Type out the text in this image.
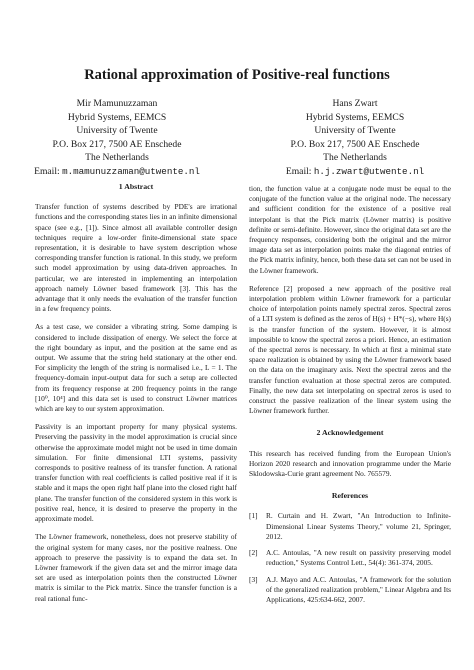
Rational approximation of Positive-real functions
Mir Mamunuzzaman
Hybrid Systems, EEMCS
University of Twente
P.O. Box 217, 7500 AE Enschede
The Netherlands
Email: m.mamunuzzaman@utwente.nl
Hans Zwart
Hybrid Systems, EEMCS
University of Twente
P.O. Box 217, 7500 AE Enschede
The Netherlands
Email: h.j.zwart@utwente.nl
1 Abstract

Transfer function of systems described by PDE's are irrational functions and the corresponding states lies in an infinite dimensional space (see e.g., [1]). Since almost all available controller design techniques require a low-order finite-dimensional state space representation, it is desirable to have system description whose corresponding transfer function is rational. In this study, we preform such model approximation by using data-driven approaches. In particular, we are interested in implementing an interpolation approach namely Löwner based framework [3]. This has the advantage that it only needs the evaluation of the transfer function in a few frequency points.

As a test case, we consider a vibrating string. Some damping is considered to include dissipation of energy. We select the force at the right boundary as input, and the position at the same end as output. We assume that the string held stationary at the other end. For simplicity the length of the string is normalised i.e., L = 1. The frequency-domain input-output data for such a setup are collected from its frequency response at 200 frequency points in the range [10⁰, 10⁴] and this data set is used to construct Löwner matrices which are key to our system approximation.

Passivity is an important property for many physical systems. Preserving the passivity in the model approximation is crucial since otherwise the approximate model might not be used in time domain simulation. For finite dimensional LTI systems, passivity corresponds to positive realness of its transfer function. A rational transfer function with real coefficients is called positive real if it is stable and it maps the open right half plane into the closed right half plane. The transfer function of the considered system in this work is positive real, hence, it is desired to preserve the property in the approximate model.

The Löwner framework, nonetheless, does not preserve stability of the original system for many cases, nor the positive realness. One approach to preserve the passivity is to expand the data set. In Löwner framework if the given data set and the mirror image data set are used as interpolation points then the constructed Löwner matrix is similar to the Pick matrix. Since the transfer function is a real rational func-

tion, the function value at a conjugate node must be equal to the conjugate of the function value at the original node. The necessary and sufficient condition for the existence of a positive real interpolant is that the Pick matrix (Löwner matrix) is positive definite or semi-definite. However, since the original data set are the frequency responses, considering both the original and the mirror image data set as interpolation points make the diagonal entries of the Pick matrix infinity, hence, both these data set can not be used in the Löwner framework.

Reference [2] proposed a new approach of the positive real interpolation problem within Löwner framework for a particular choice of interpolation points namely spectral zeros. Spectral zeros of a LTI system is defined as the zeros of H(s) + H*(−s), where H(s) is the transfer function of the system. However, it is almost impossible to know the spectral zeros a priori. Hence, an estimation of the spectral zeros is necessary. In which at first a minimal state space realization is obtained by using the Löwner framework based on the data on the imaginary axis. Next the spectral zeros and the transfer function evaluation at those spectral zeros are computed. Finally, the new data set interpolating on spectral zeros is used to construct the passive realization of the linear system using the Löwner framework further.

2 Acknowledgement

This research has received funding from the European Union's Horizon 2020 research and innovation programme under the Marie Sklodowska-Curie grant agreement No. 765579.

References
[1]	R. Curtain and H. Zwart, "An Introduction to Infinite-Dimensional Linear Systems Theory," volume 21, Springer, 2012.
[2]	A.C. Antoulas, "A new result on passivity preserving model reduction," Systems Control Lett., 54(4): 361-374, 2005.
[3]	A.J. Mayo and A.C. Antoulas, "A framework for the solution of the generalized realization problem," Linear Algebra and Its Applications, 425:634-662, 2007.
